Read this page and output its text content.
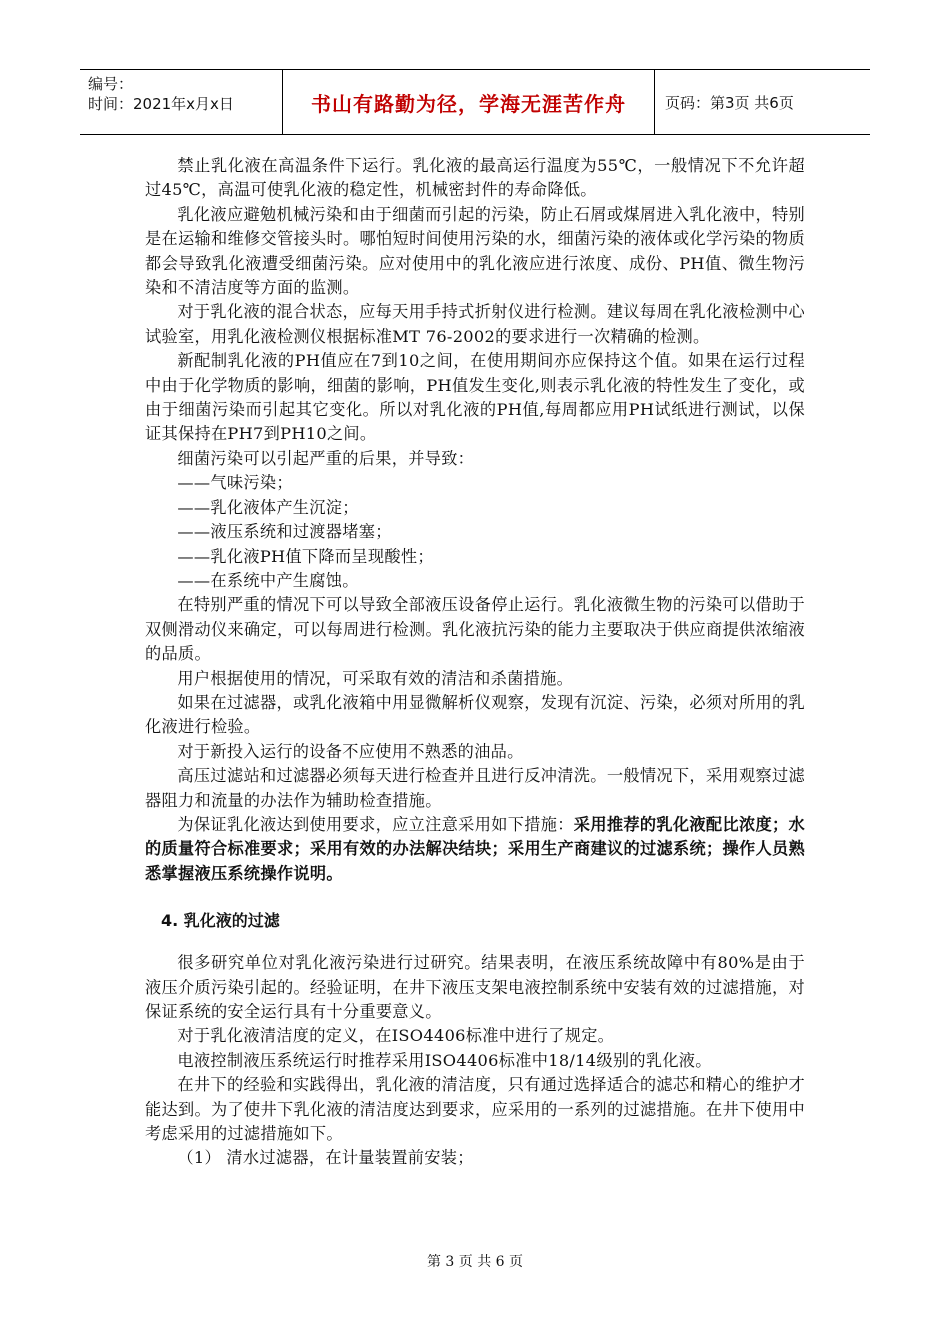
编号：
时间：2021年x月x日	书山有路勤为径，学海无涯苦作舟	页码：第3页 共6页

禁止乳化液在高温条件下运行。乳化液的最高运行温度为55℃，一般情况下不允许超过45℃，高温可使乳化液的稳定性，机械密封件的寿命降低。

乳化液应避勉机械污染和由于细菌而引起的污染，防止石屑或煤屑进入乳化液中，特别是在运输和维修交管接头时。哪怕短时间使用污染的水，细菌污染的液体或化学污染的物质都会导致乳化液遭受细菌污染。应对使用中的乳化液应进行浓度、成份、PH值、微生物污染和不清洁度等方面的监测。

对于乳化液的混合状态，应每天用手持式折射仪进行检测。建议每周在乳化液检测中心试验室，用乳化液检测仪根据标准MT 76-2002的要求进行一次精确的检测。

新配制乳化液的PH值应在7到10之间，在使用期间亦应保持这个值。如果在运行过程中由于化学物质的影响，细菌的影响，PH值发生变化,则表示乳化液的特性发生了变化，或由于细菌污染而引起其它变化。所以对乳化液的PH值,每周都应用PH试纸进行测试，以保证其保持在PH7到PH10之间。

细菌污染可以引起严重的后果，并导致：

——气味污染；

——乳化液体产生沉淀；

——液压系统和过渡器堵塞；

——乳化液PH值下降而呈现酸性；

——在系统中产生腐蚀。

在特别严重的情况下可以导致全部液压设备停止运行。乳化液微生物的污染可以借助于双侧滑动仪来确定，可以每周进行检测。乳化液抗污染的能力主要取决于供应商提供浓缩液的品质。

用户根据使用的情况，可采取有效的清洁和杀菌措施。

如果在过滤器，或乳化液箱中用显微解析仪观察，发现有沉淀、污染，必须对所用的乳化液进行检验。

对于新投入运行的设备不应使用不熟悉的油品。

高压过滤站和过滤器必须每天进行检查并且进行反冲清洗。一般情况下，采用观察过滤器阻力和流量的办法作为辅助检查措施。

为保证乳化液达到使用要求，应立注意采用如下措施：采用推荐的乳化液配比浓度；水的质量符合标准要求；采用有效的办法解决结块；采用生产商建议的过滤系统；操作人员熟悉掌握液压系统操作说明。

4. 乳化液的过滤

很多研究单位对乳化液污染进行过研究。结果表明，在液压系统故障中有80%是由于液压介质污染引起的。经验证明，在井下液压支架电液控制系统中安装有效的过滤措施，对保证系统的安全运行具有十分重要意义。

对于乳化液清洁度的定义，在ISO4406标准中进行了规定。

电液控制液压系统运行时推荐采用ISO4406标准中18/14级别的乳化液。

在井下的经验和实践得出，乳化液的清洁度，只有通过选择适合的滤芯和精心的维护才能达到。为了使井下乳化液的清洁度达到要求，应采用的一系列的过滤措施。在井下使用中考虑采用的过滤措施如下。

（1） 清水过滤器，在计量装置前安装；

第 3 页 共 6 页
